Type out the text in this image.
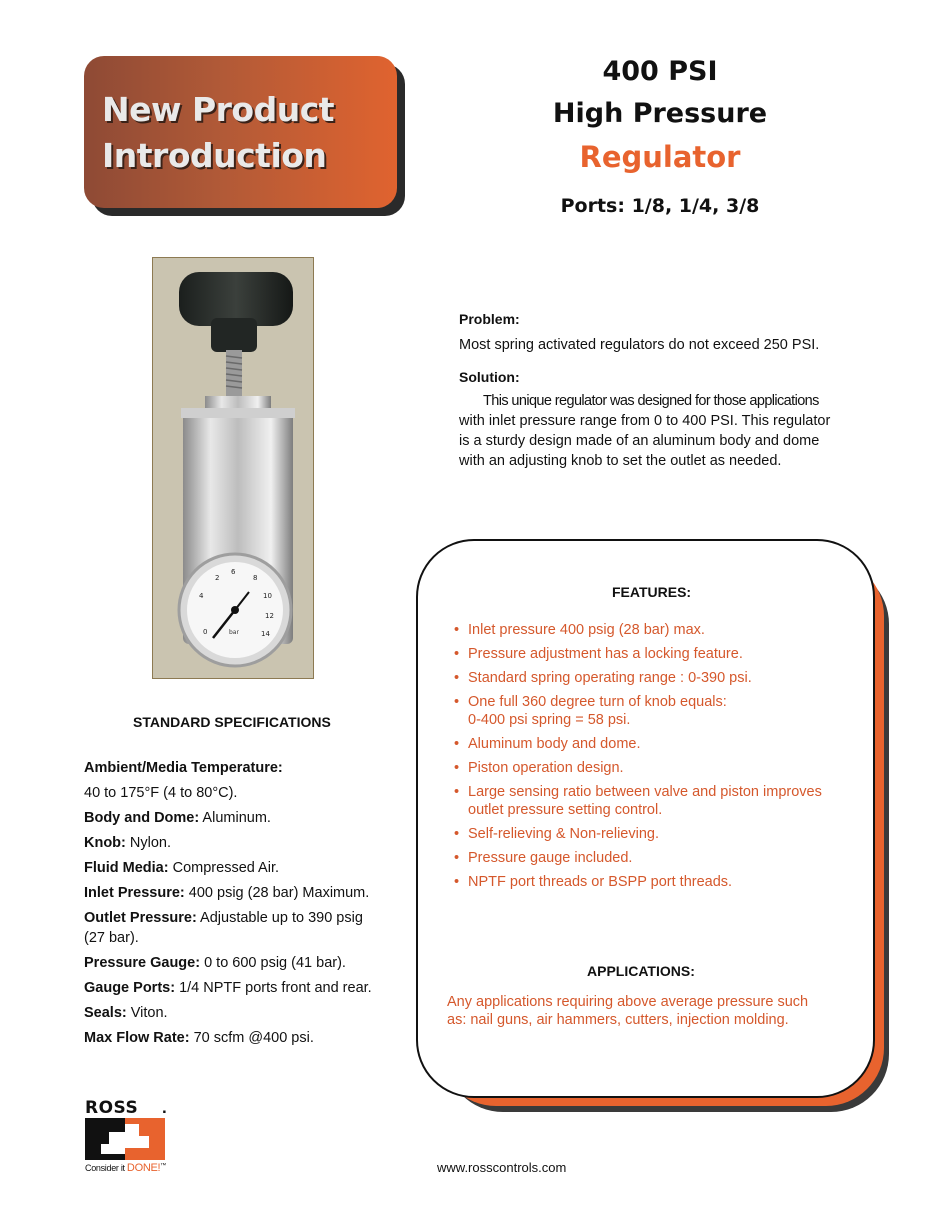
New Product
Introduction
400 PSI
High Pressure
Regulator
Ports: 1/8, 1/4, 3/8
2
6
8
4	10
12
14
0	bar
Problem:
Most spring activated regulators do not exceed 250 PSI.
Solution:
This unique regulator was designed for those applications
with inlet pressure range from 0 to 400 PSI. This regulator
is a sturdy design made of an aluminum body and dome
with an adjusting knob to set the outlet as needed.
STANDARD SPECIFICATIONS
Ambient/Media Temperature:
40 to 175°F (4 to 80°C).
Body and Dome: Aluminum.
Knob: Nylon.
Fluid Media: Compressed Air.
Inlet Pressure: 400 psig (28 bar) Maximum.
Outlet Pressure: Adjustable up to 390 psig
(27 bar).
Pressure Gauge: 0 to 600 psig (41 bar).
Gauge Ports: 1/4 NPTF ports front and rear.
Seals: Viton.
Max Flow Rate: 70 scfm @400 psi.
FEATURES:
• Inlet pressure 400 psig (28 bar) max.
• Pressure adjustment has a locking feature.
• Standard spring operating range : 0-390 psi.
• One full 360 degree turn of knob equals:
0-400 psi spring = 58 psi.
• Aluminum body and dome.
• Piston operation design.
• Large sensing ratio between valve and piston improves
outlet pressure setting control.
• Self-relieving & Non-relieving.
• Pressure gauge included.
• NPTF port threads or BSPP port threads.
APPLICATIONS:
Any applications requiring above average pressure such
as: nail guns, air hammers, cutters, injection molding.
ROSS .
Consider it DONE!™	www.rosscontrols.com
